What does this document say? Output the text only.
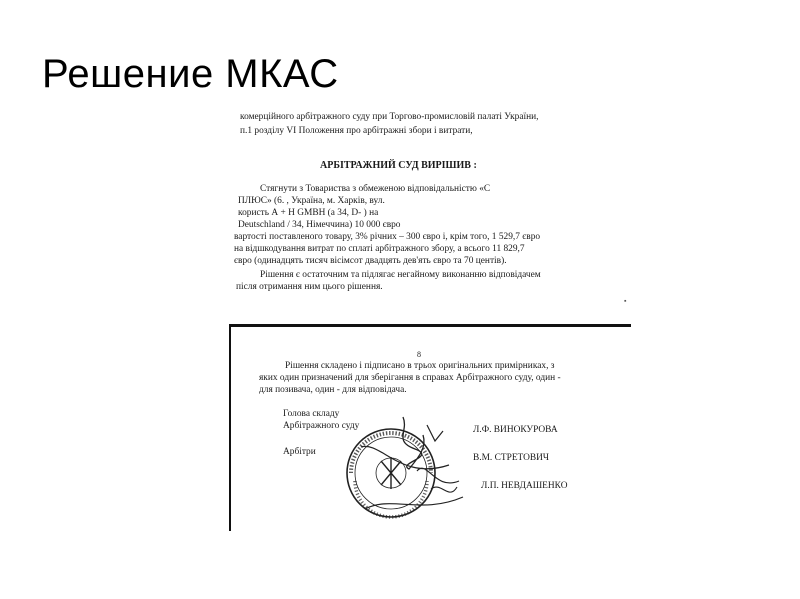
Решение МКАС
комерційного арбітражного суду при Торгово-промисловій палаті України,
п.1 розділу VI Положення про арбітражні збори і витрати,
АРБІТРАЖНИЙ СУД ВИРІШИВ :
Стягнути з Товариства з обмеженою відповідальністю «С
ПЛЮС» (6. , Україна, м. Харків, вул.
користь А + Н GMBH (а 34, D- ) на
Deutschland / 34, Німеччина) 10 000 євро
вартості поставленого товару, 3% річних – 300 євро і, крім того, 1 529,7 євро
на відшкодування витрат по сплаті арбітражного збору, а всього 11 829,7
євро (одинадцять тисяч вісімсот двадцять дев'ять євро та 70 центів).
Рішення є остаточним та підлягає негайному виконанню відповідачем
після отримання ним цього рішення.
▪
8
Рішення складено і підписано в трьох оригінальних примірниках, з
яких один призначений для зберігання в справах Арбітражного суду, один -
для позивача, один - для відповідача.
Голова складу
Арбітражного суду
Арбітри
Л.Ф. ВИНОКУРОВА
В.М. СТРЕТОВИЧ
Л.П. НЕВДАШЕНКО
